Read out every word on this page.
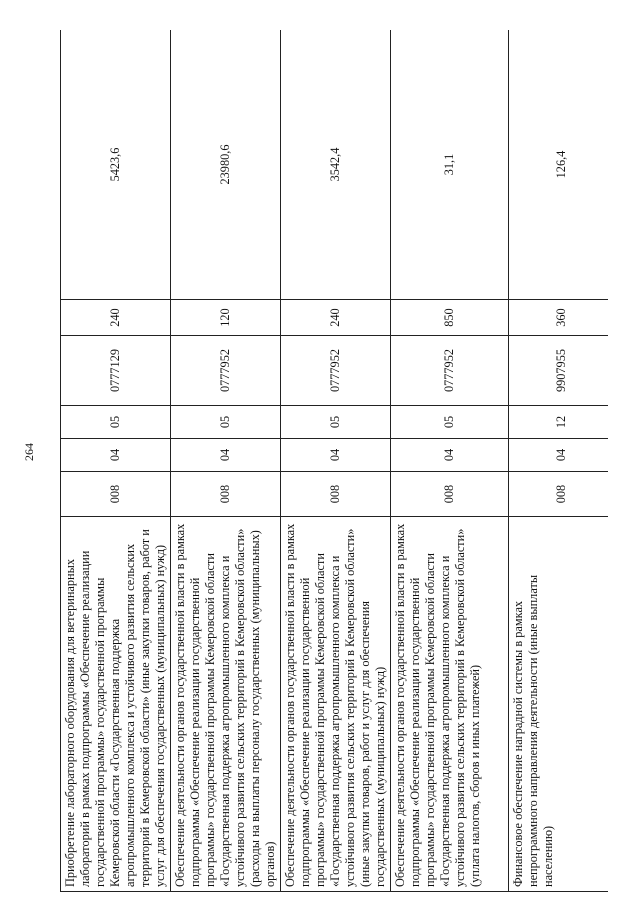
264
Приобретение лабораторного оборудования для ветеринарных лабораторий в рамках подпрограммы «Обеспечение реализации государственной программы» государственной программы Кемеровской области «Государственная поддержка агропромышленного комплекса и устойчивого развития сельских территорий в Кемеровской области» (иные закупки товаров, работ и услуг для обеспечения государственных (муниципальных) нужд)	008	04	05	0777129	240	5423,6
Обеспечение деятельности органов государственной власти в рамках подпрограммы «Обеспечение реализации государственной программы» государственной программы Кемеровской области «Государственная поддержка агропромышленного комплекса и устойчивого развития сельских территорий в Кемеровской области» (расходы на выплаты персоналу государственных (муниципальных) органов)	008	04	05	0777952	120	23980,6
Обеспечение деятельности органов государственной власти в рамках подпрограммы «Обеспечение реализации государственной программы» государственной программы Кемеровской области «Государственная поддержка агропромышленного комплекса и устойчивого развития сельских территорий в Кемеровской области» (иные закупки товаров, работ и услуг для обеспечения государственных (муниципальных) нужд)	008	04	05	0777952	240	3542,4
Обеспечение деятельности органов государственной власти в рамках подпрограммы «Обеспечение реализации государственной программы» государственной программы Кемеровской области «Государственная поддержка агропромышленного комплекса и устойчивого развития сельских территорий в Кемеровской области» (уплата налогов, сборов и иных платежей)	008	04	05	0777952	850	31,1
Финансовое обеспечение наградной системы в рамках непрограммного направления деятельности (иные выплаты населению)	008	04	12	9907955	360	126,4
